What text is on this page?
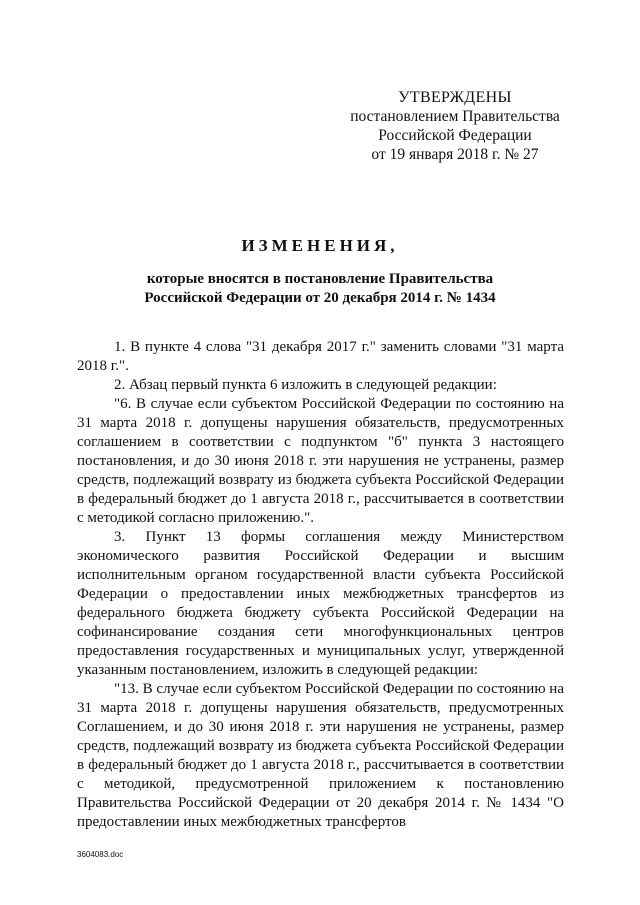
УТВЕРЖДЕНЫ
постановлением Правительства
Российской Федерации
от 19 января 2018 г. № 27
ИЗМЕНЕНИЯ,
которые вносятся в постановление Правительства
Российской Федерации от 20 декабря 2014 г. № 1434

1. В пункте 4 слова "31 декабря 2017 г." заменить словами "31 марта 2018 г.".

2. Абзац первый пункта 6 изложить в следующей редакции:

"6. В случае если субъектом Российской Федерации по состоянию на 31 марта 2018 г. допущены нарушения обязательств, предусмотренных соглашением в соответствии с подпунктом "б" пункта 3 настоящего постановления, и до 30 июня 2018 г. эти нарушения не устранены, размер средств, подлежащий возврату из бюджета субъекта Российской Федерации в федеральный бюджет до 1 августа 2018 г., рассчитывается в соответствии с методикой согласно приложению.".

3. Пункт 13 формы соглашения между Министерством экономического развития Российской Федерации и высшим исполнительным органом государственной власти субъекта Российской Федерации о предоставлении иных межбюджетных трансфертов из федерального бюджета бюджету субъекта Российской Федерации на софинансирование создания сети многофункциональных центров предоставления государственных и муниципальных услуг, утвержденной указанным постановлением, изложить в следующей редакции:

"13. В случае если субъектом Российской Федерации по состоянию на 31 марта 2018 г. допущены нарушения обязательств, предусмотренных Соглашением, и до 30 июня 2018 г. эти нарушения не устранены, размер средств, подлежащий возврату из бюджета субъекта Российской Федерации в федеральный бюджет до 1 августа 2018 г., рассчитывается в соответствии с методикой, предусмотренной приложением к постановлению Правительства Российской Федерации от 20 декабря 2014 г. № 1434 "О предоставлении иных межбюджетных трансфертов

3604083.doc
